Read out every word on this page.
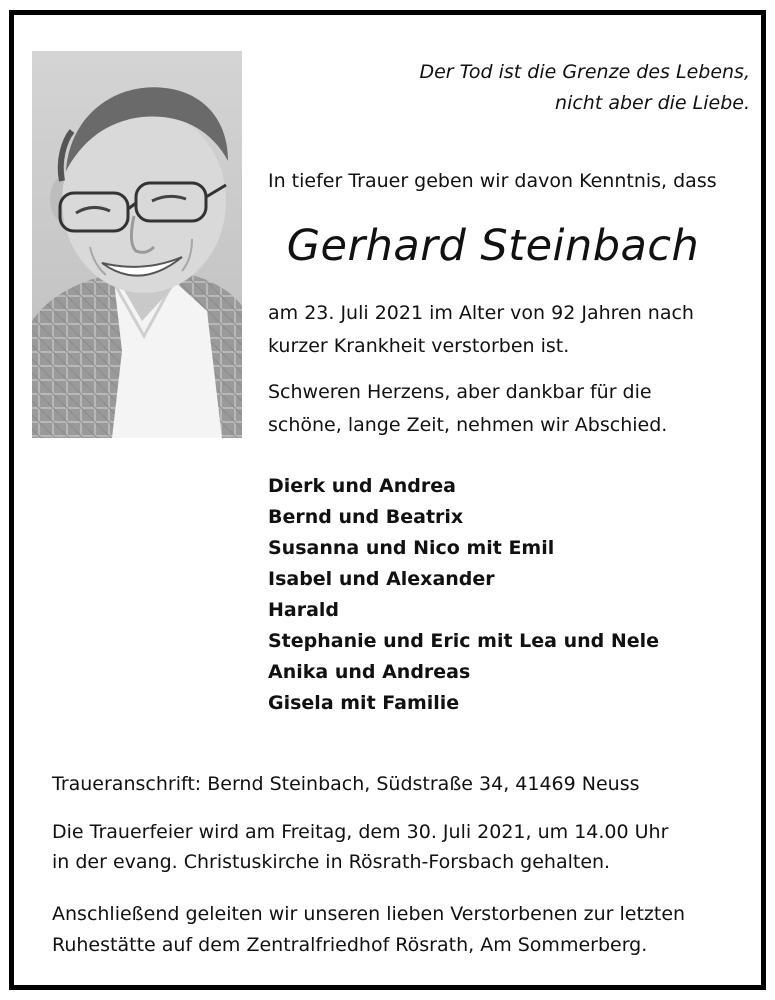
Der Tod ist die Grenze des Lebens,
nicht aber die Liebe.
In tiefer Trauer geben wir davon Kenntnis, dass
Gerhard Steinbach
am 23. Juli 2021 im Alter von 92 Jahren nach
kurzer Krankheit verstorben ist.
Schweren Herzens, aber dankbar für die
schöne, lange Zeit, nehmen wir Abschied.
Dierk und Andrea
Bernd und Beatrix
Susanna und Nico mit Emil
Isabel und Alexander
Harald
Stephanie und Eric mit Lea und Nele
Anika und Andreas
Gisela mit Familie
Traueranschrift: Bernd Steinbach, Südstraße 34, 41469 Neuss
Die Trauerfeier wird am Freitag, dem 30. Juli 2021, um 14.00 Uhr
in der evang. Christuskirche in Rösrath-Forsbach gehalten.
Anschließend geleiten wir unseren lieben Verstorbenen zur letzten
Ruhestätte auf dem Zentralfriedhof Rösrath, Am Sommerberg.
